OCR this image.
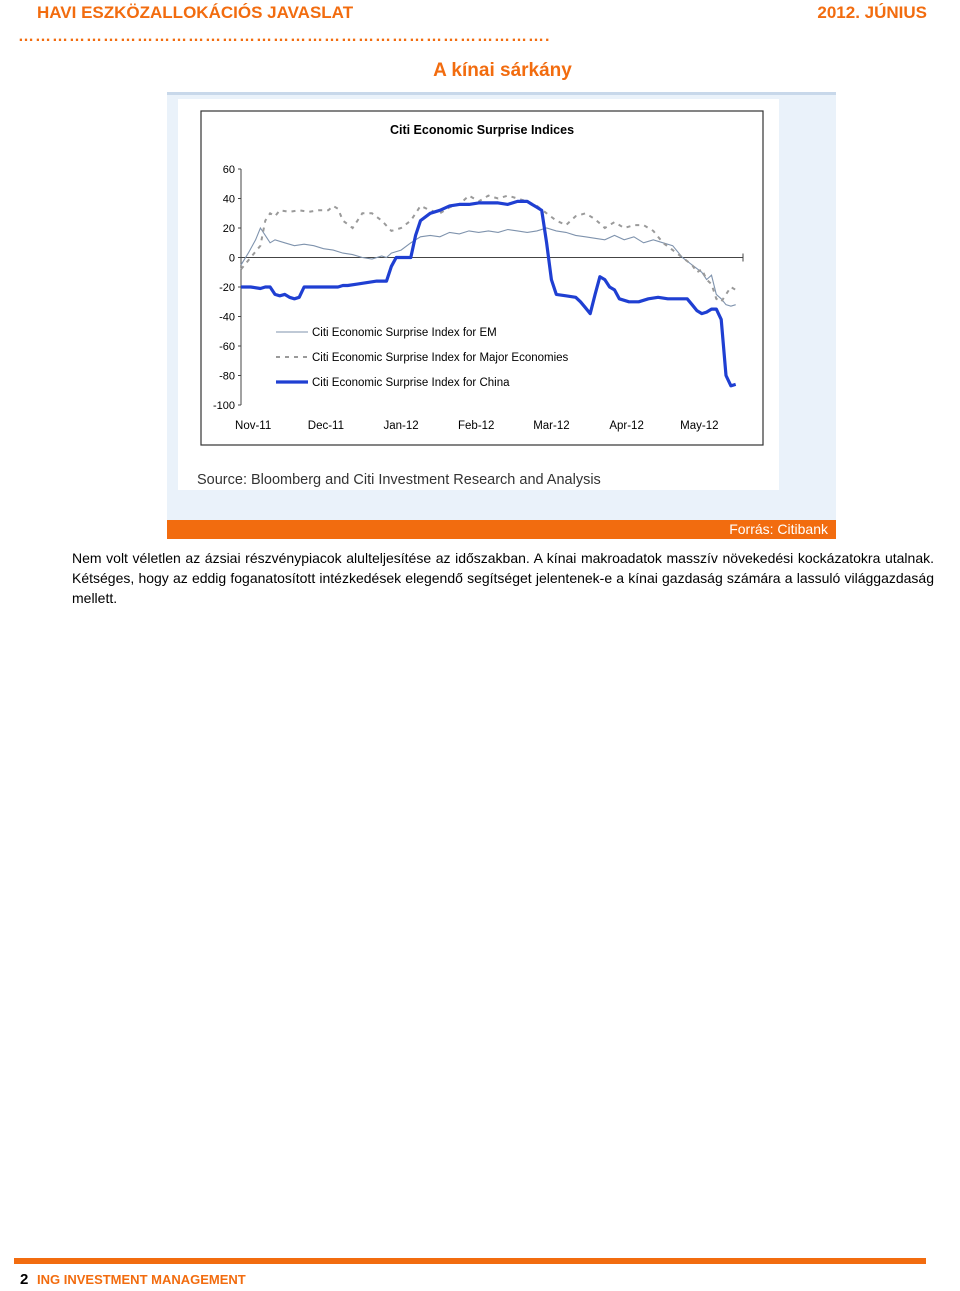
HAVI ESZKÖZALLOKÁCIÓS JAVASLAT	2012. JÚNIUS
………………………………………………………………………………….
A kínai sárkány
Citi Economic Surprise Indices
60
40
20
0
-20
-40
-60
-80
-100
Nov-11	Dec-11	Jan-12	Feb-12	Mar-12	Apr-12	May-12
Citi Economic Surprise Index for EM
Citi Economic Surprise Index for Major Economies
Citi Economic Surprise Index for China
Source: Bloomberg and Citi Investment Research and Analysis
Forrás: Citibank
Nem volt véletlen az ázsiai részvénypiacok alulteljesítése az időszakban. A kínai makroadatok masszív növekedési kockázatokra utalnak. Kétséges, hogy az eddig foganatosított intézkedések elegendő segítséget jelentenek-e a kínai gazdaság számára a lassuló világgazdaság mellett.
2 ING INVESTMENT MANAGEMENT
